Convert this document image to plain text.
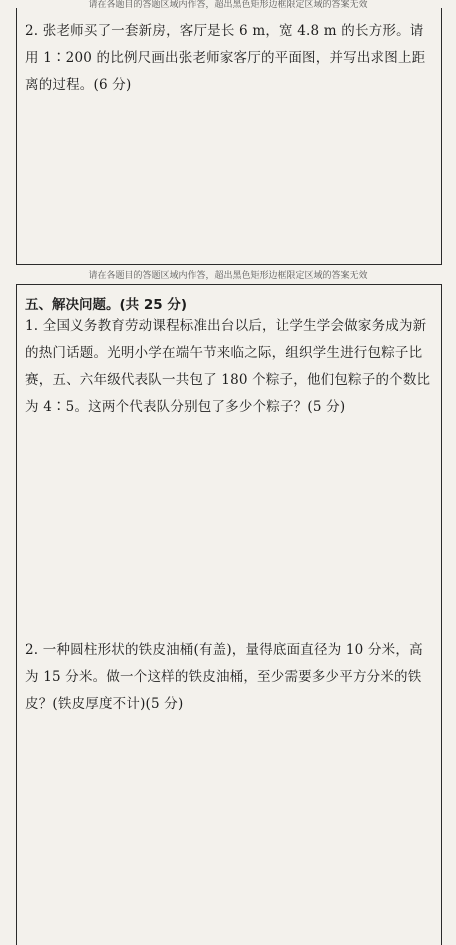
请在各题目的答题区域内作答，超出黑色矩形边框限定区域的答案无效
2. 张老师买了一套新房，客厅是长 6 m，宽 4.8 m 的长方形。请用 1∶200 的比例尺画出张老师家客厅的平面图，并写出求图上距离的过程。(6 分)
请在各题目的答题区域内作答，超出黑色矩形边框限定区域的答案无效
五、解决问题。(共 25 分)
1. 全国义务教育劳动课程标准出台以后，让学生学会做家务成为新的热门话题。光明小学在端午节来临之际，组织学生进行包粽子比赛，五、六年级代表队一共包了 180 个粽子，他们包粽子的个数比为 4∶5。这两个代表队分别包了多少个粽子？(5 分)
2. 一种圆柱形状的铁皮油桶(有盖)，量得底面直径为 10 分米，高为 15 分米。做一个这样的铁皮油桶，至少需要多少平方分米的铁皮？(铁皮厚度不计)(5 分)
